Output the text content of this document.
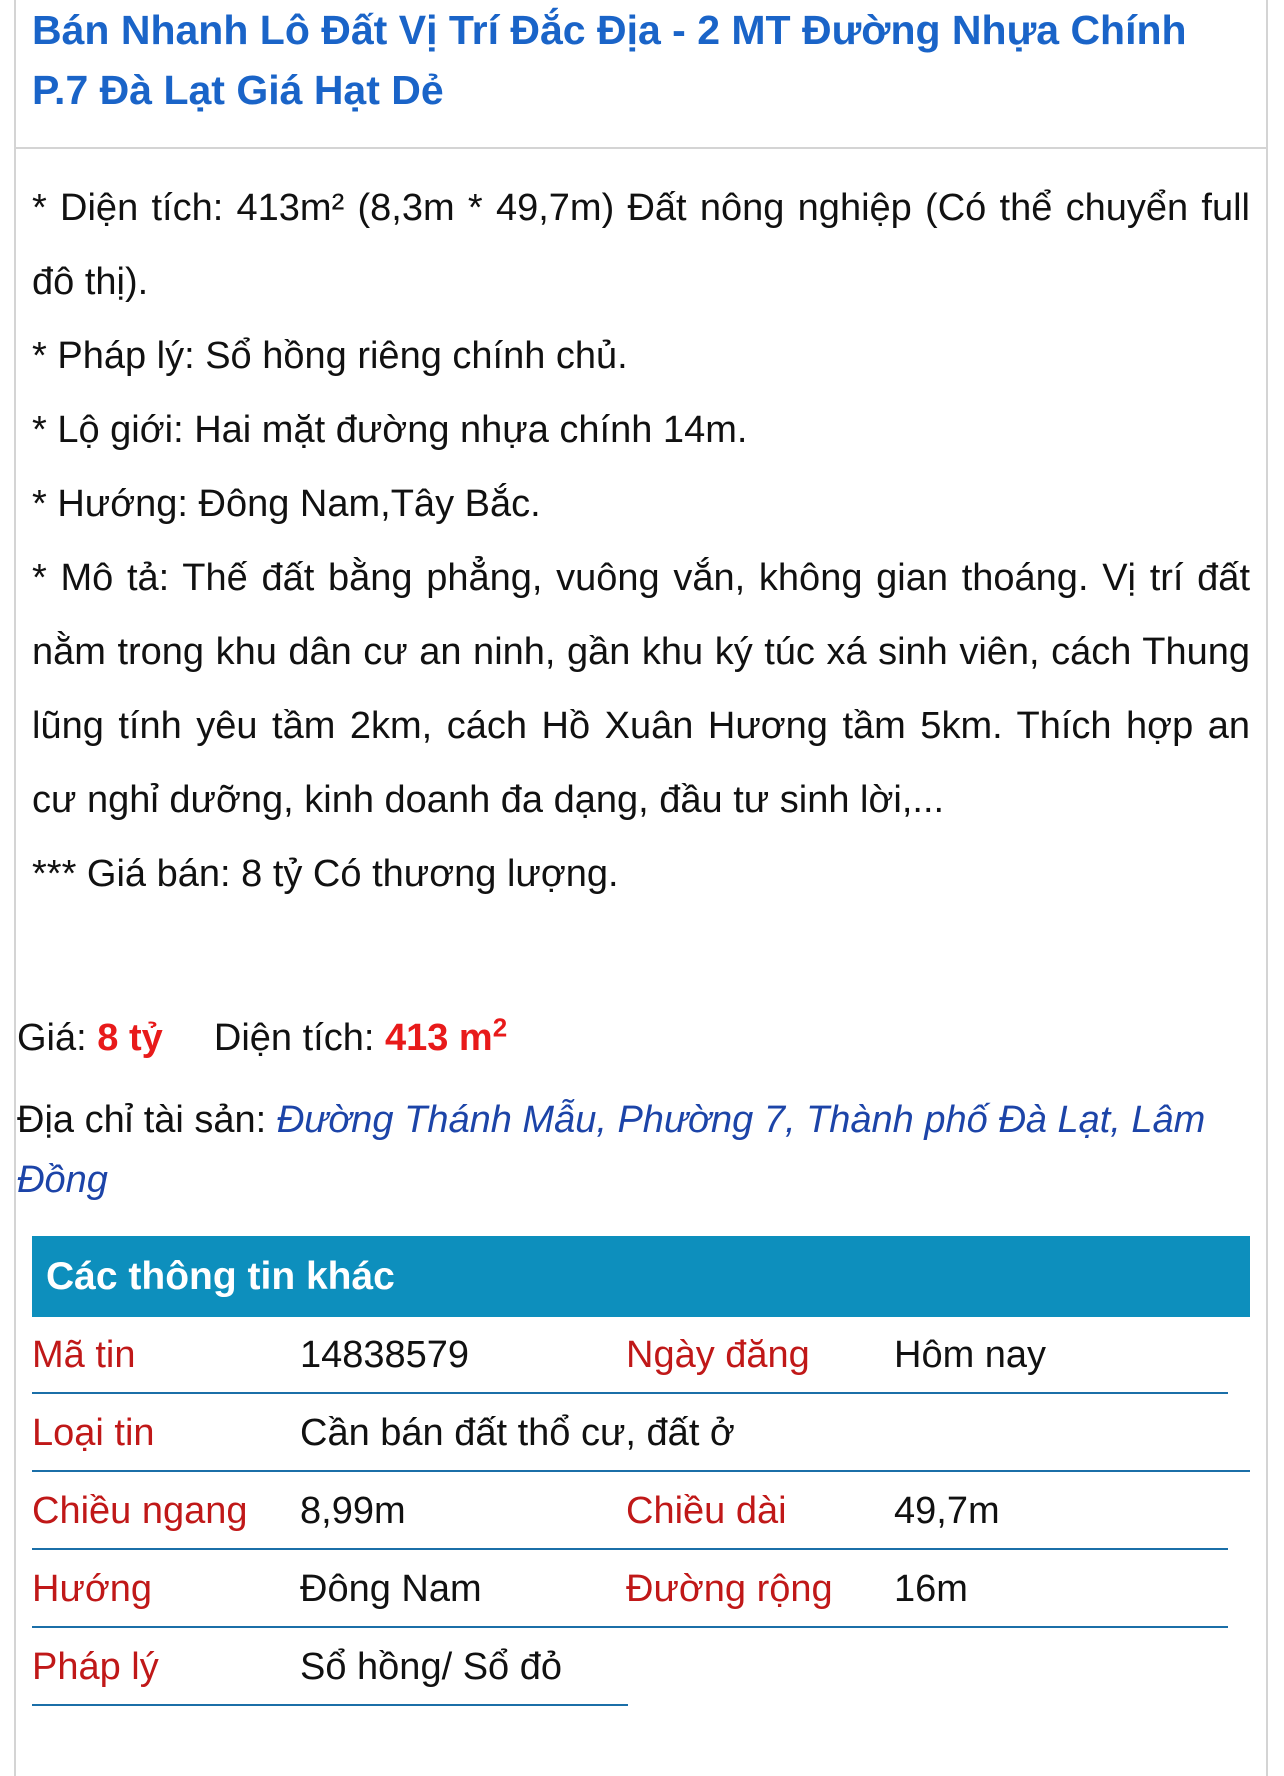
Bán Nhanh Lô Đất Vị Trí Đắc Địa - 2 MT Đường Nhựa Chính P.7 Đà Lạt Giá Hạt Dẻ

* Diện tích: 413m² (8,3m * 49,7m) Đất nông nghiệp (Có thể chuyển full đô thị).

* Pháp lý: Sổ hồng riêng chính chủ.

* Lộ giới: Hai mặt đường nhựa chính 14m.

* Hướng: Đông Nam,Tây Bắc.

* Mô tả: Thế đất bằng phẳng, vuông vắn, không gian thoáng. Vị trí đất nằm trong khu dân cư an ninh, gần khu ký túc xá sinh viên, cách Thung lũng tính yêu tầm 2km, cách Hồ Xuân Hương tầm 5km. Thích hợp an cư nghỉ dưỡng, kinh doanh đa dạng, đầu tư sinh lời,...

*** Giá bán: 8 tỷ Có thương lượng.

Giá: 8 tỷ Diện tích: 413 $m^2$
Địa chỉ tài sản: Đường Thánh Mẫu, Phường 7, Thành phố Đà Lạt, Lâm Đồng
Các thông tin khác
Mã tin	14838579	Ngày đăng Hôm nay
Loại tin	Cần bán đất thổ cư, đất ở
Chiều ngang 8,99m	Chiều dài	49,7m
Hướng	Đông Nam	Đường rộng 16m
Pháp lý	Sổ hồng/ Sổ đỏ
